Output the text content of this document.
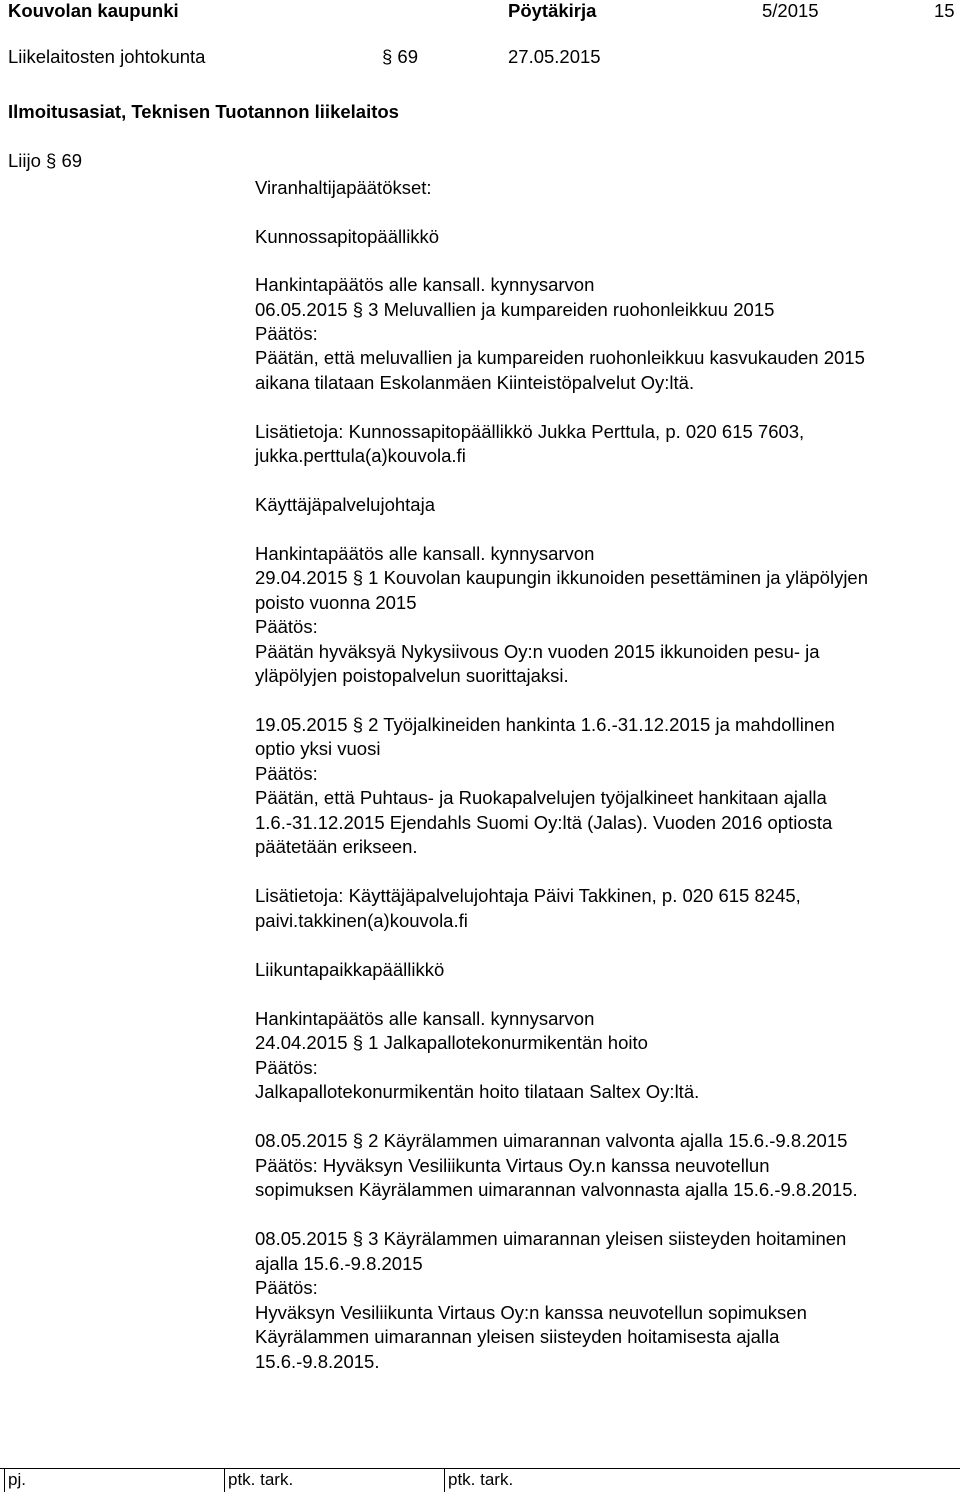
Kouvolan kaupunki	Pöytäkirja	5/2015	15
Liikelaitosten johtokunta	§ 69	27.05.2015
Ilmoitusasiat, Teknisen Tuotannon liikelaitos
Liijo § 69
Viranhaltijapäätökset:
Kunnossapitopäällikkö
Hankintapäätös alle kansall. kynnysarvon
06.05.2015 § 3 Meluvallien ja kumpareiden ruohonleikkuu 2015
Päätös:
Päätän, että meluvallien ja kumpareiden ruohonleikkuu kasvukauden 2015
aikana tilataan Eskolanmäen Kiinteistöpalvelut Oy:ltä.
Lisätietoja: Kunnossapitopäällikkö Jukka Perttula, p. 020 615 7603,
jukka.perttula(a)kouvola.fi
Käyttäjäpalvelujohtaja
Hankintapäätös alle kansall. kynnysarvon
29.04.2015 § 1 Kouvolan kaupungin ikkunoiden pesettäminen ja yläpölyjen
poisto vuonna 2015
Päätös:
Päätän hyväksyä Nykysiivous Oy:n vuoden 2015 ikkunoiden pesu- ja
yläpölyjen poistopalvelun suorittajaksi.
19.05.2015 § 2 Työjalkineiden hankinta 1.6.-31.12.2015 ja mahdollinen
optio yksi vuosi
Päätös:
Päätän, että Puhtaus- ja Ruokapalvelujen työjalkineet hankitaan ajalla
1.6.-31.12.2015 Ejendahls Suomi Oy:ltä (Jalas). Vuoden 2016 optiosta
päätetään erikseen.
Lisätietoja: Käyttäjäpalvelujohtaja Päivi Takkinen, p. 020 615 8245,
paivi.takkinen(a)kouvola.fi
Liikuntapaikkapäällikkö
Hankintapäätös alle kansall. kynnysarvon
24.04.2015 § 1 Jalkapallotekonurmikentän hoito
Päätös:
Jalkapallotekonurmikentän hoito tilataan Saltex Oy:ltä.
08.05.2015 § 2 Käyrälammen uimarannan valvonta ajalla 15.6.-9.8.2015
Päätös: Hyväksyn Vesiliikunta Virtaus Oy.n kanssa neuvotellun
sopimuksen Käyrälammen uimarannan valvonnasta ajalla 15.6.-9.8.2015.
08.05.2015 § 3 Käyrälammen uimarannan yleisen siisteyden hoitaminen
ajalla 15.6.-9.8.2015
Päätös:
Hyväksyn Vesiliikunta Virtaus Oy:n kanssa neuvotellun sopimuksen
Käyrälammen uimarannan yleisen siisteyden hoitamisesta ajalla
15.6.-9.8.2015.
pj.	ptk. tark.	ptk. tark.
